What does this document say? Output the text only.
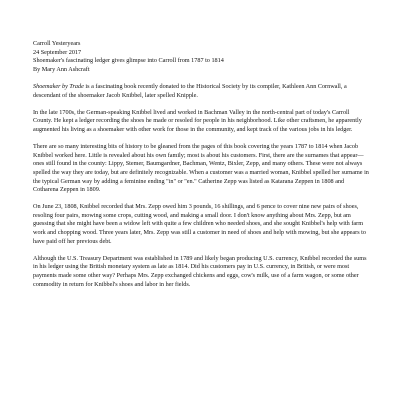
Carroll Yesteryears
24 September 2017
Shoemaker's fascinating ledger gives glimpse into Carroll from 1787 to 1814
By Mary Ann Ashcraft

Shoemaker by Trade is a fascinating book recently donated to the Historical Society by its compiler, Kathleen Ann Cornwall, a descendant of the shoemaker Jacob Knibbel, later spelled Knipple.

In the late 1700s, the German-speaking Knibbel lived and worked in Bachman Valley in the north-central part of today's Carroll County. He kept a ledger recording the shoes he made or resoled for people in his neighborhood. Like other craftsmen, he apparently augmented his living as a shoemaker with other work for those in the community, and kept track of the various jobs in his ledger.

There are so many interesting bits of history to be gleaned from the pages of this book covering the years 1787 to 1814 when Jacob Knibbel worked here. Little is revealed about his own family; most is about his customers. First, there are the surnames that appear—ones still found in the county: Lippy, Stemer, Baumgardner, Bachman, Wentz, Bixler, Zepp, and many others. These were not always spelled the way they are today, but are definitely recognizable. When a customer was a married woman, Knibbel spelled her surname in the typical German way by adding a feminine ending "in" or "en." Catherine Zepp was listed as Katarana Zeppen in 1808 and Cotharena Zeppen in 1809.

On June 23, 1808, Knibbel recorded that Mrs. Zepp owed him 3 pounds, 16 shillings, and 6 pence to cover nine new pairs of shoes, resoling four pairs, mowing some crops, cutting wood, and making a small door. I don't know anything about Mrs. Zepp, but am guessing that she might have been a widow left with quite a few children who needed shoes, and she sought Knibbel's help with farm work and chopping wood. Three years later, Mrs. Zepp was still a customer in need of shoes and help with mowing, but she appears to have paid off her previous debt.

Although the U.S. Treasury Department was established in 1789 and likely began producing U.S. currency, Knibbel recorded the sums in his ledger using the British monetary system as late as 1814. Did his customers pay in U.S. currency, in British, or were most payments made some other way? Perhaps Mrs. Zepp exchanged chickens and eggs, cow's milk, use of a farm wagon, or some other commodity in return for Knibbel's shoes and labor in her fields.
